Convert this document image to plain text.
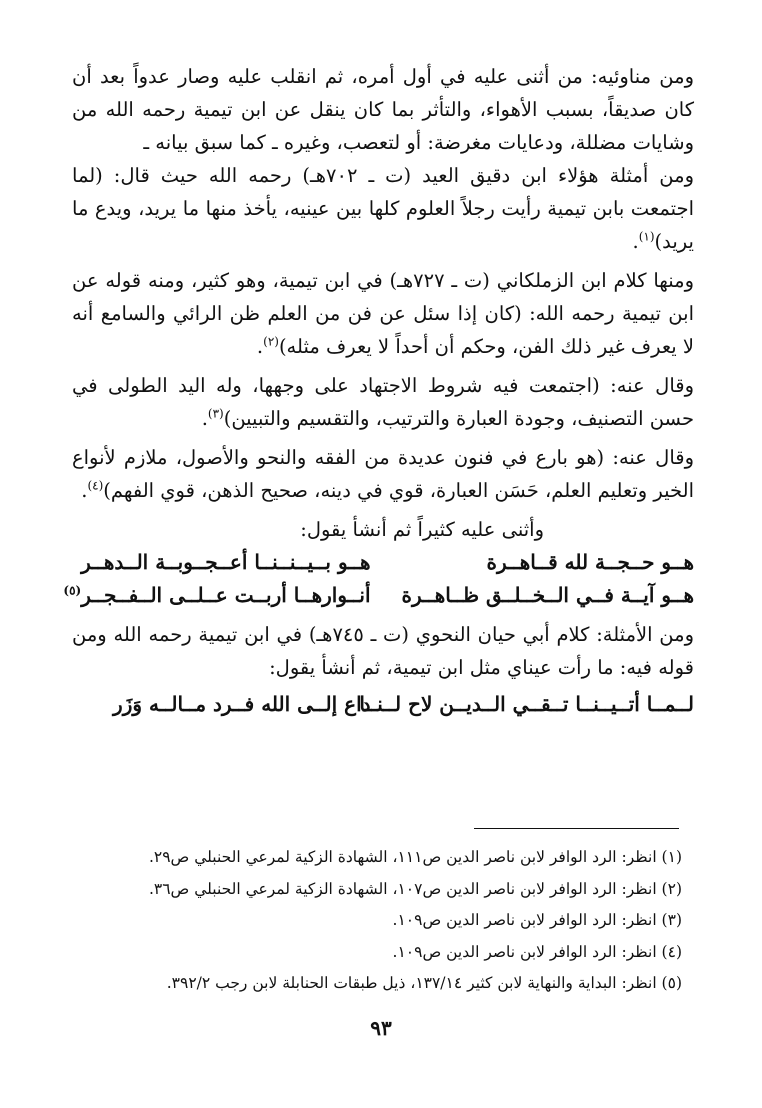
ومن مناوئيه: من أثنى عليه في أول أمره، ثم انقلب عليه وصار عدواً بعد أن كان صديقاً، بسبب الأهواء، والتأثر بما كان ينقل عن ابن تيمية رحمه الله من وشايات مضللة، ودعايات مغرضة: أو لتعصب، وغيره ـ كما سبق بيانه ـ

ومن أمثلة هؤلاء ابن دقيق العيد (ت ـ ٧٠٢هـ) رحمه الله حيث قال: (لما اجتمعت بابن تيمية رأيت رجلاً العلوم كلها بين عينيه، يأخذ منها ما يريد، ويدع ما يريد)$^{(١)}$.

ومنها كلام ابن الزملكاني (ت ـ ٧٢٧هـ) في ابن تيمية، وهو كثير، ومنه قوله عن ابن تيمية رحمه الله: (كان إذا سئل عن فن من العلم ظن الرائي والسامع أنه لا يعرف غير ذلك الفن، وحكم أن أحداً لا يعرف مثله)$^{(٢)}$.

وقال عنه: (اجتمعت فيه شروط الاجتهاد على وجهها، وله اليد الطولى في حسن التصنيف، وجودة العبارة والترتيب، والتقسيم والتبيين)$^{(٣)}$.

وقال عنه: (هو بارع في فنون عديدة من الفقه والنحو والأصول، ملازم لأنواع الخير وتعليم العلم، حَسَن العبارة، قوي في دينه، صحيح الذهن، قوي الفهم)$^{(٤)}$.

وأثنى عليه كثيراً ثم أنشأ يقول:

هــو حــجــة لله قــاهــرة
هــو بــيــنــنــا أعــجــوبــة الــدهــر
هــو آيــة فــي الــخــلــق ظــاهــرة
أنــوارهــا أربــت عــلــى الــفــجــر$^{(٥)}$

ومن الأمثلة: كلام أبي حيان النحوي (ت ـ ٧٤٥هـ) في ابن تيمية رحمه الله ومن قوله فيه: ما رأت عيناي مثل ابن تيمية، ثم أنشأ يقول:

لــمــا أتــيــنــا تــقــي الــديــن لاح لــنــا
داع إلــى الله فــرد مــالــه وَزَر

(١) انظر: الرد الوافر لابن ناصر الدين ص١١١، الشهادة الزكية لمرعي الحنبلي ص٢٩.

(٢) انظر: الرد الوافر لابن ناصر الدين ص١٠٧، الشهادة الزكية لمرعي الحنبلي ص٣٦.

(٣) انظر: الرد الوافر لابن ناصر الدين ص١٠٩.

(٤) انظر: الرد الوافر لابن ناصر الدين ص١٠٩.

(٥) انظر: البداية والنهاية لابن كثير ١٣٧/١٤، ذيل طبقات الحنابلة لابن رجب ٣٩٢/٢.

٩٣
